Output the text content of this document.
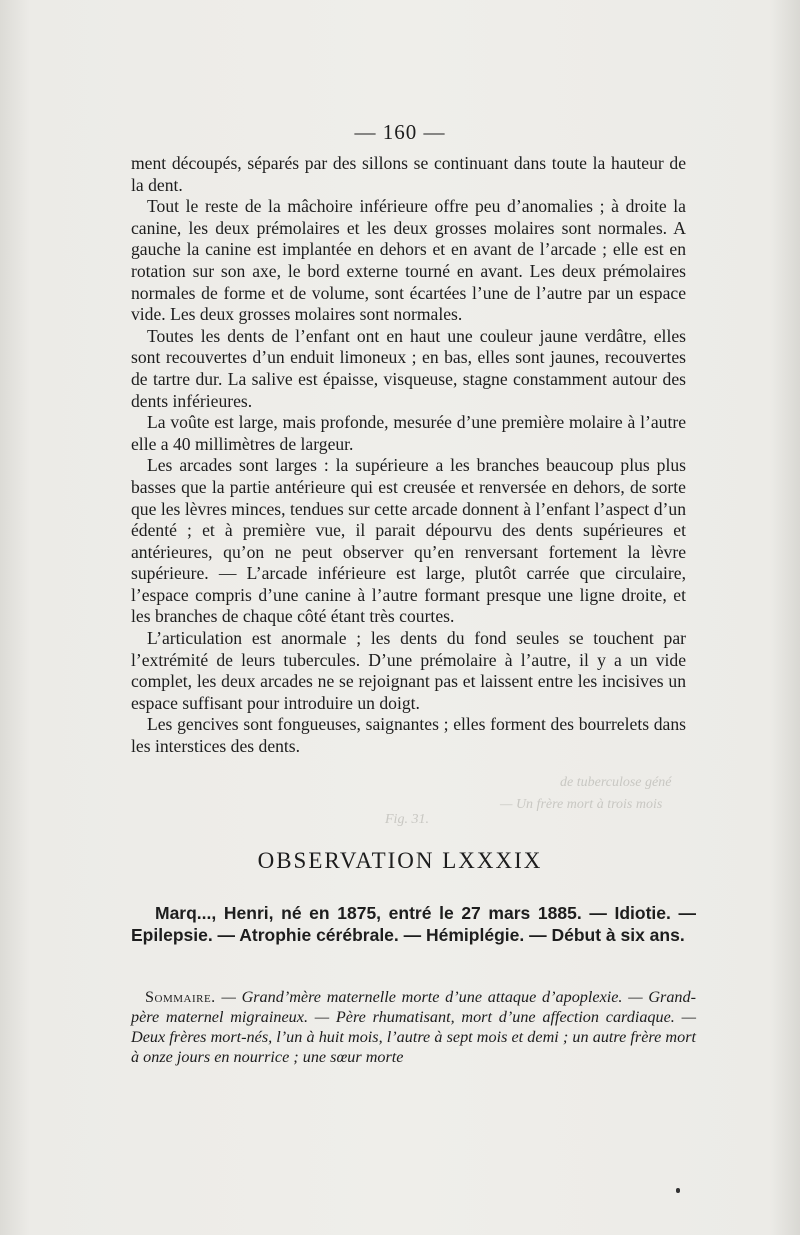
de tuberculose géné
— Un frère mort à trois mois
Fig. 31.
— 160 —

ment découpés, séparés par des sillons se continuant dans toute la hauteur de la dent.

Tout le reste de la mâchoire inférieure offre peu d’anomalies ; à droite la canine, les deux prémolaires et les deux grosses molaires sont normales. A gauche la canine est implantée en dehors et en avant de l’arcade ; elle est en rotation sur son axe, le bord externe tourné en avant. Les deux prémolaires normales de forme et de volume, sont écartées l’une de l’autre par un espace vide. Les deux grosses molaires sont normales.

Toutes les dents de l’enfant ont en haut une couleur jaune verdâtre, elles sont recouvertes d’un enduit limoneux ; en bas, elles sont jaunes, recouvertes de tartre dur. La salive est épaisse, visqueuse, stagne constamment autour des dents inférieures.

La voûte est large, mais profonde, mesurée d’une première molaire à l’autre elle a 40 millimètres de largeur.

Les arcades sont larges : la supérieure a les branches beaucoup plus plus basses que la partie antérieure qui est creusée et renversée en dehors, de sorte que les lèvres minces, tendues sur cette arcade donnent à l’enfant l’aspect d’un édenté ; et à première vue, il parait dépourvu des dents supérieures et antérieures, qu’on ne peut observer qu’en renversant fortement la lèvre supérieure. — L’arcade inférieure est large, plutôt carrée que circulaire, l’espace compris d’une canine à l’autre formant presque une ligne droite, et les branches de chaque côté étant très courtes.

L’articulation est anormale ; les dents du fond seules se touchent par l’extrémité de leurs tubercules. D’une prémolaire à l’autre, il y a un vide complet, les deux arcades ne se rejoignant pas et laissent entre les incisives un espace suffisant pour introduire un doigt.

Les gencives sont fongueuses, saignantes ; elles forment des bourrelets dans les interstices des dents.

OBSERVATION LXXXIX
Marq..., Henri, né en 1875, entré le 27 mars 1885. — Idiotie. — Epilepsie. — Atrophie cérébrale. — Hémiplégie. — Début à six ans.
Sommaire. — Grand’mère maternelle morte d’une attaque d’apoplexie. — Grand-père maternel migraineux. — Père rhumatisant, mort d’une affection cardiaque. — Deux frères mort-nés, l’un à huit mois, l’autre à sept mois et demi ; un autre frère mort à onze jours en nourrice ; une sœur morte
